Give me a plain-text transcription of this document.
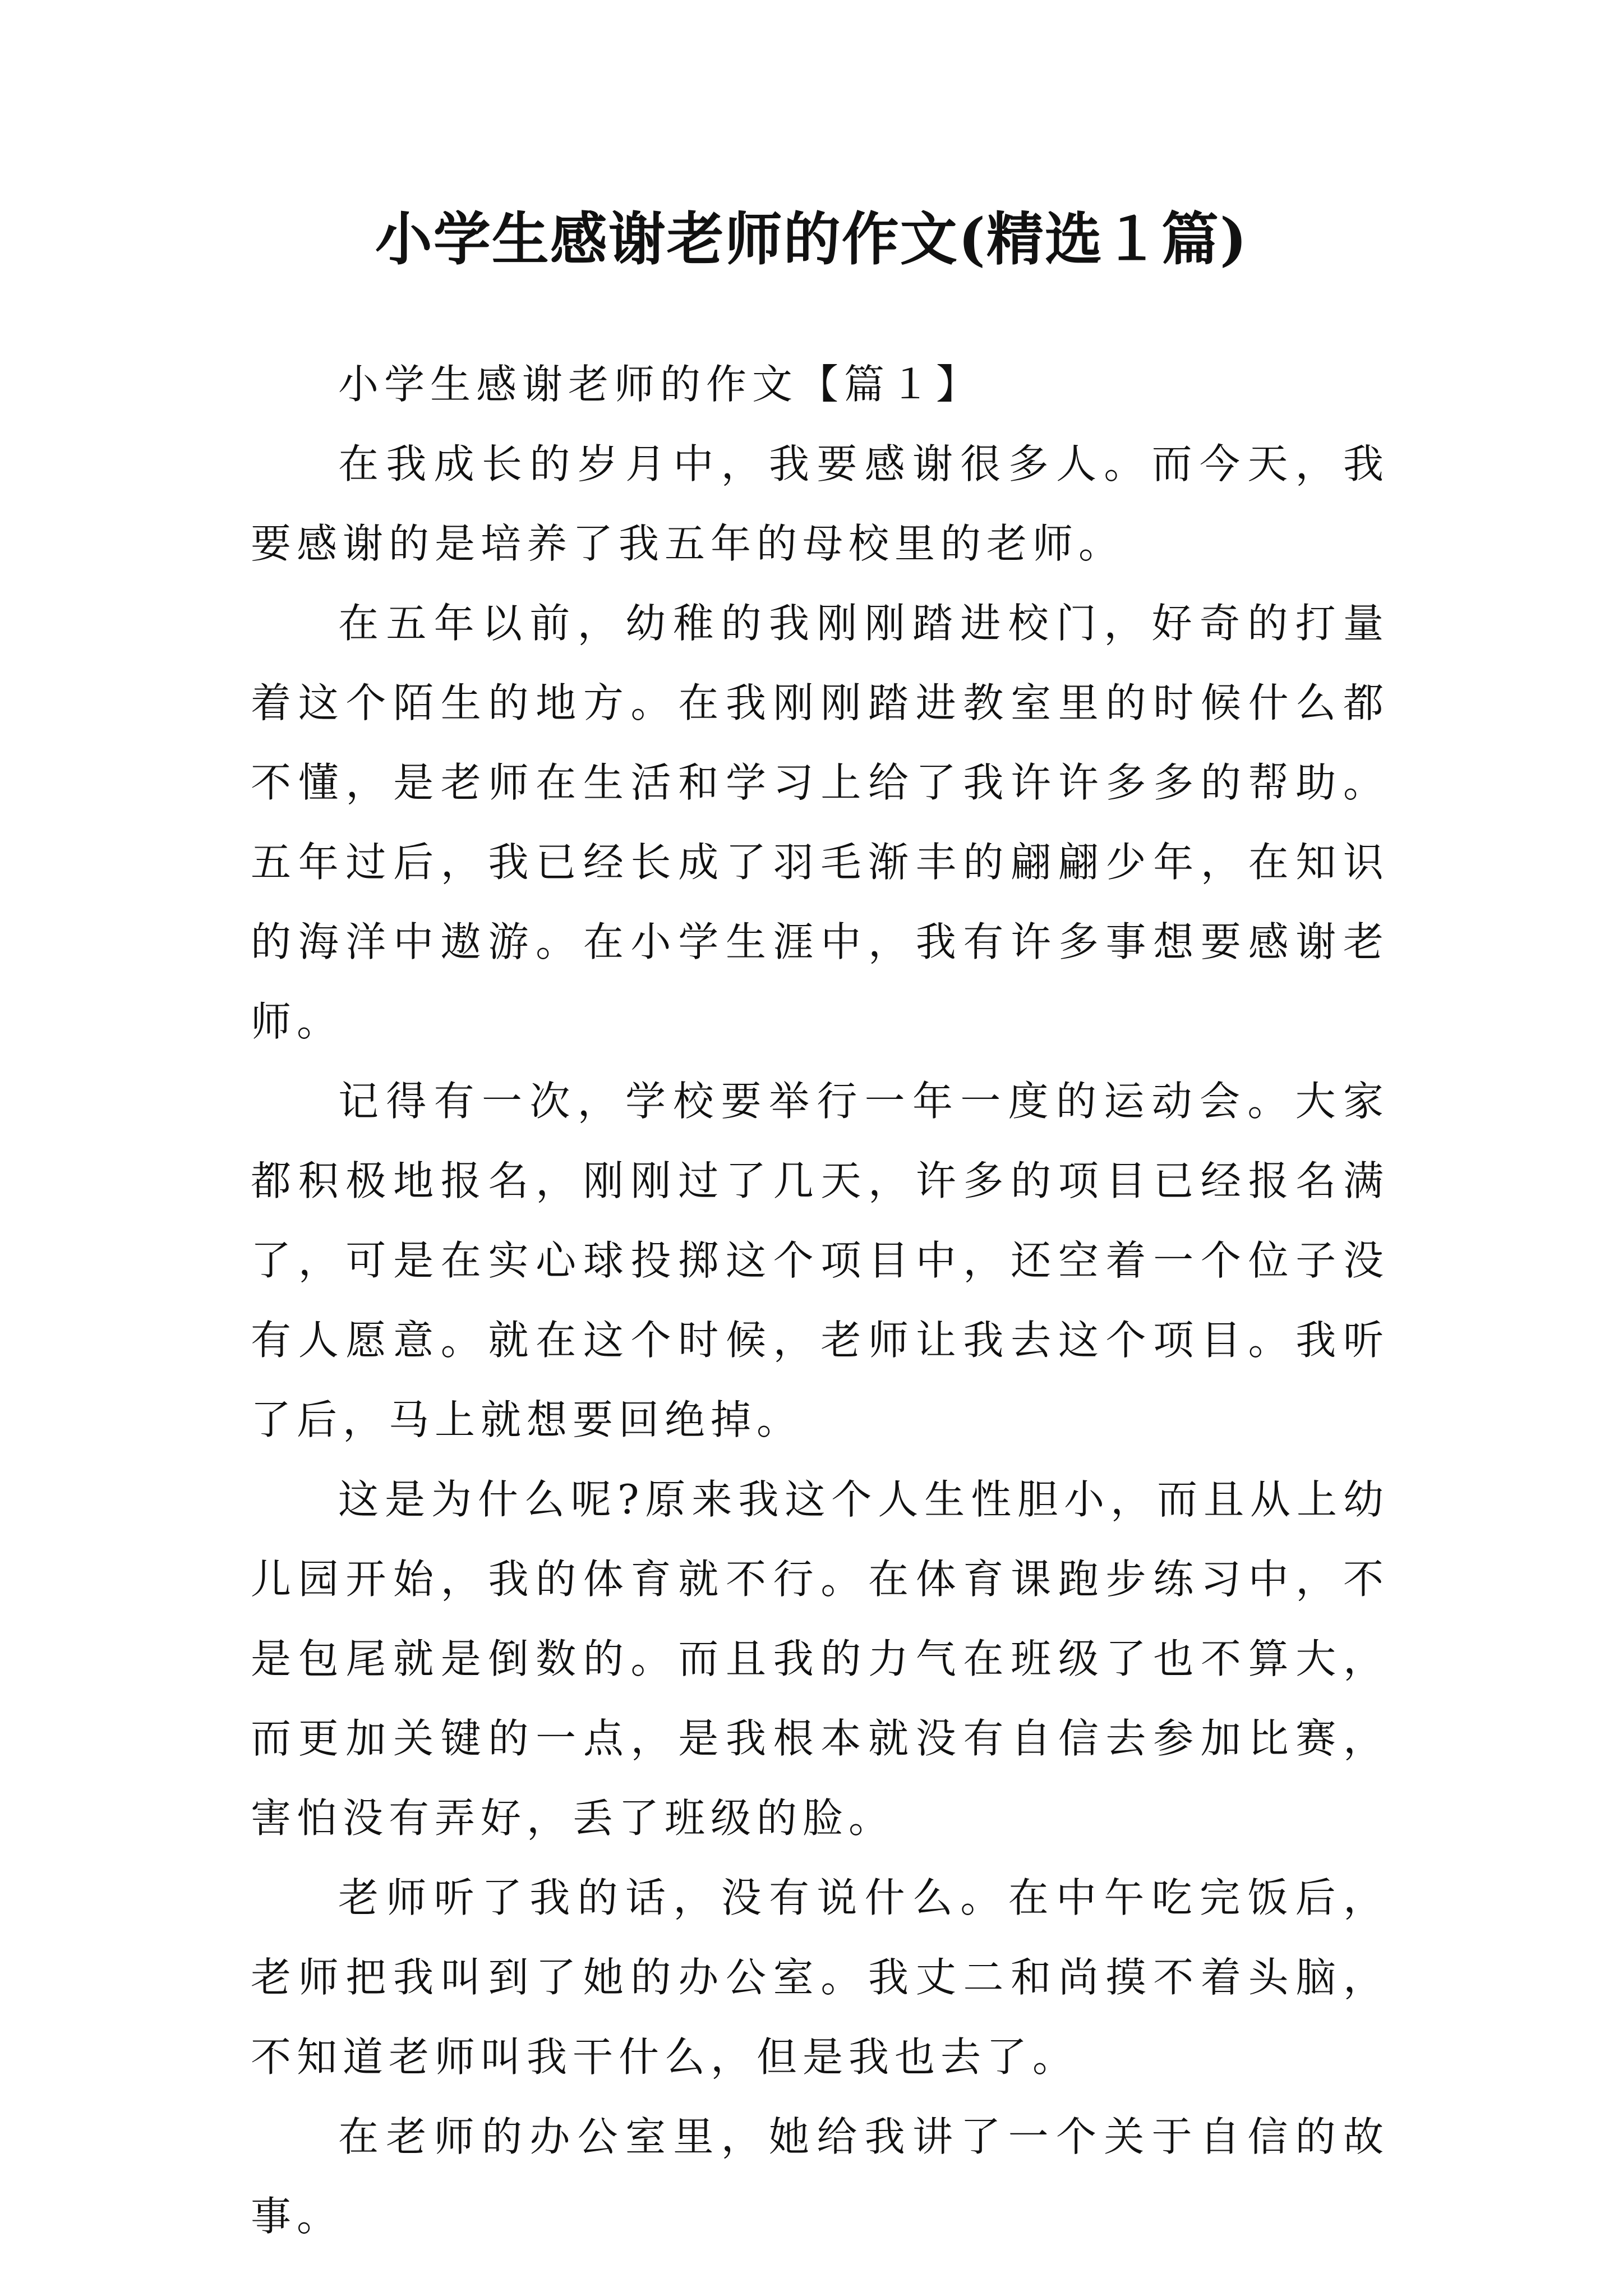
小学生感谢老师的作文(精选１篇)

小学生感谢老师的作文【篇１】

在我成长的岁月中，我要感谢很多人。而今天，我要感谢的是培养了我五年的母校里的老师。

在五年以前，幼稚的我刚刚踏进校门，好奇的打量着这个陌生的地方。在我刚刚踏进教室里的时候什么都不懂，是老师在生活和学习上给了我许许多多的帮助。五年过后，我已经长成了羽毛渐丰的翩翩少年，在知识的海洋中遨游。在小学生涯中，我有许多事想要感谢老师。

记得有一次，学校要举行一年一度的运动会。大家都积极地报名，刚刚过了几天，许多的项目已经报名满了，可是在实心球投掷这个项目中，还空着一个位子没有人愿意。就在这个时候，老师让我去这个项目。我听了后，马上就想要回绝掉。

这是为什么呢?原来我这个人生性胆小，而且从上幼儿园开始，我的体育就不行。在体育课跑步练习中，不是包尾就是倒数的。而且我的力气在班级了也不算大，而更加关键的一点，是我根本就没有自信去参加比赛，害怕没有弄好，丢了班级的脸。

老师听了我的话，没有说什么。在中午吃完饭后，老师把我叫到了她的办公室。我丈二和尚摸不着头脑，不知道老师叫我干什么，但是我也去了。

在老师的办公室里，她给我讲了一个关于自信的故事。
